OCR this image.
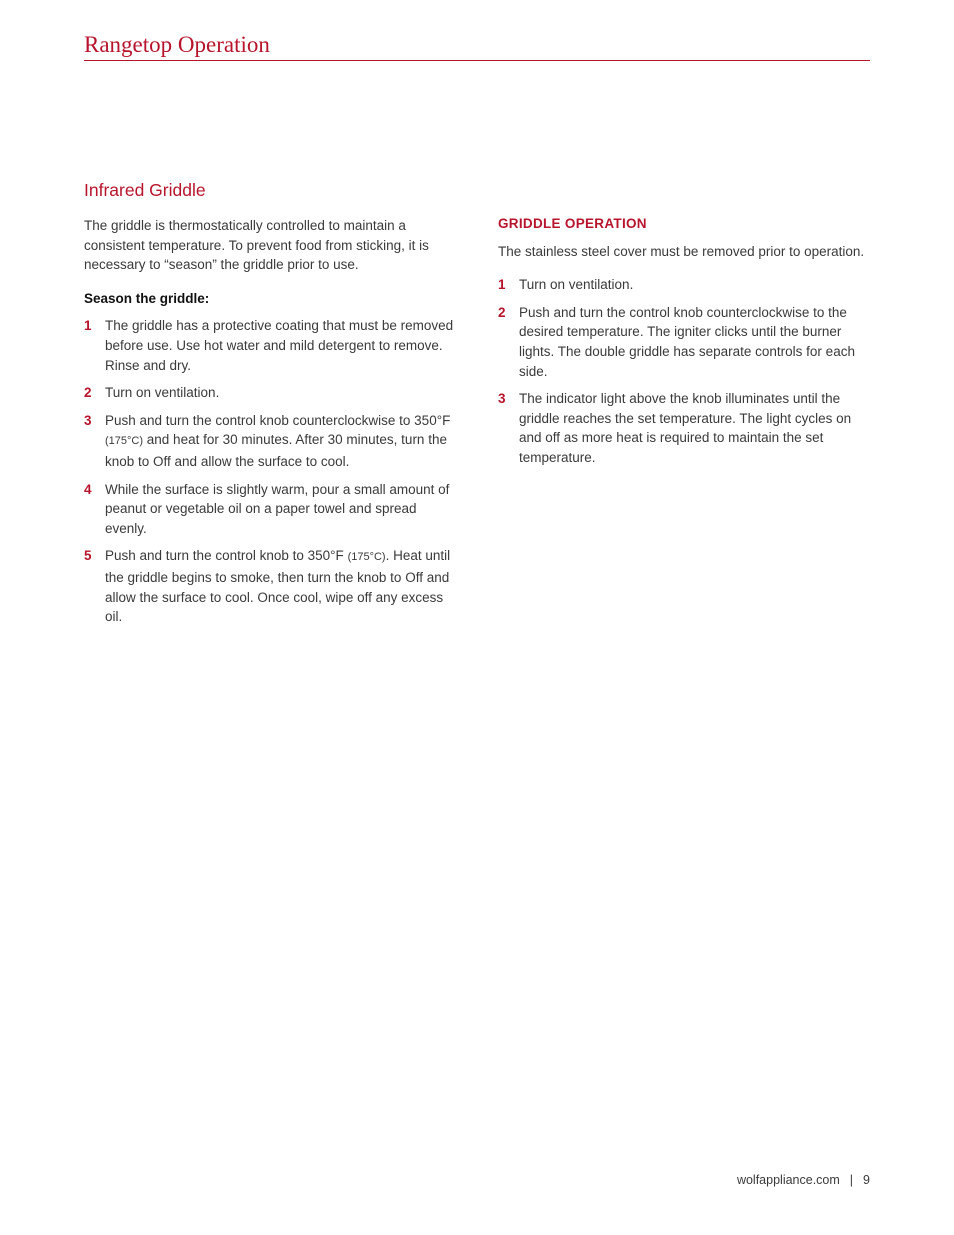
Rangetop Operation
Infrared Griddle

The griddle is thermostatically controlled to maintain a consistent temperature. To prevent food from sticking, it is necessary to “season” the griddle prior to use.

Season the griddle:

1 The griddle has a protective coating that must be removed before use. Use hot water and mild detergent to remove. Rinse and dry.
2 Turn on ventilation.
3 Push and turn the control knob counterclockwise to 350°F (175°C) and heat for 30 minutes. After 30 minutes, turn the knob to Off and allow the surface to cool.
4 While the surface is slightly warm, pour a small amount of peanut or vegetable oil on a paper towel and spread evenly.
5 Push and turn the control knob to 350°F (175°C). Heat until the griddle begins to smoke, then turn the knob to Off and allow the surface to cool. Once cool, wipe off any excess oil.
GRIDDLE OPERATION

The stainless steel cover must be removed prior to operation.

1 Turn on ventilation.
2 Push and turn the control knob counterclockwise to the desired temperature. The igniter clicks until the burner lights. The double griddle has separate controls for each side.
3 The indicator light above the knob illuminates until the griddle reaches the set temperature. The light cycles on and off as more heat is required to maintain the set temperature.
wolfappliance.com | 9
